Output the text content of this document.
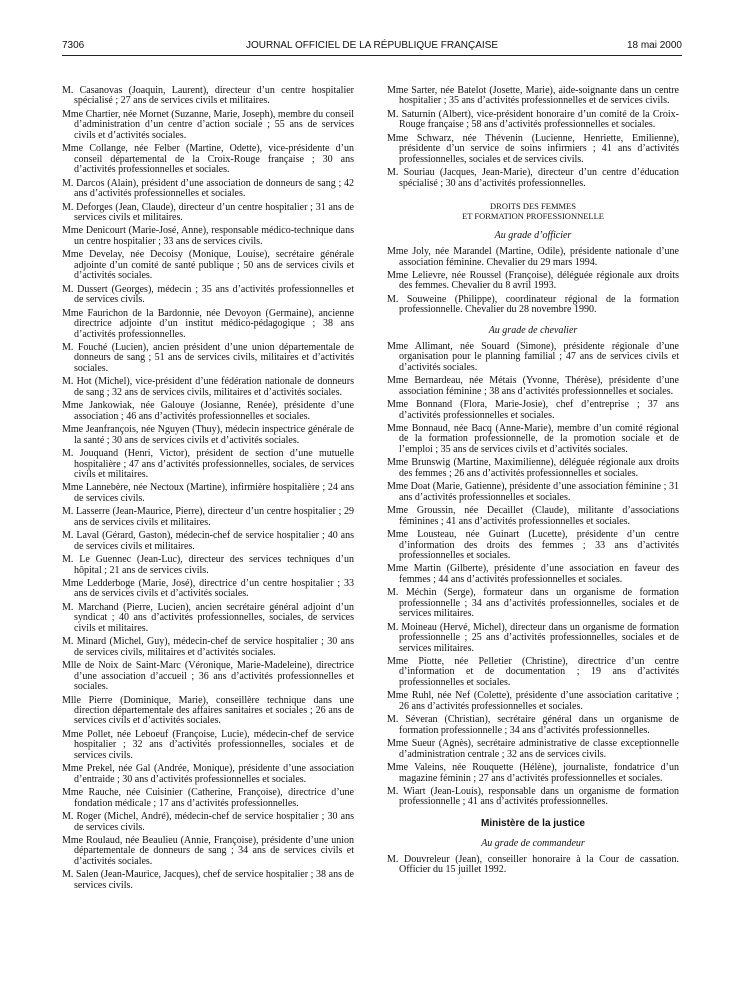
7306	JOURNAL OFFICIEL DE LA RÉPUBLIQUE FRANÇAISE	18 mai 2000

M. Casanovas (Joaquin, Laurent), directeur d’un centre hospitalier spécialisé ; 27 ans de services civils et militaires.

Mme Chartier, née Mornet (Suzanne, Marie, Joseph), membre du conseil d’administration d’un centre d’action sociale ; 55 ans de services civils et d’activités sociales.

Mme Collange, née Felber (Martine, Odette), vice-présidente d’un conseil départemental de la Croix-Rouge française ; 30 ans d’activités professionnelles et sociales.

M. Darcos (Alain), président d’une association de donneurs de sang ; 42 ans d’activités professionnelles et sociales.

M. Deforges (Jean, Claude), directeur d’un centre hospitalier ; 31 ans de services civils et militaires.

Mme Denicourt (Marie-José, Anne), responsable médico-technique dans un centre hospitalier ; 33 ans de services civils.

Mme Develay, née Decoisy (Monique, Louise), secrétaire générale adjointe d’un comité de santé publique ; 50 ans de services civils et d’activités sociales.

M. Dussert (Georges), médecin ; 35 ans d’activités professionnelles et de services civils.

Mme Faurichon de la Bardonnie, née Devoyon (Germaine), ancienne directrice adjointe d’un institut médico-pédagogique ; 38 ans d’activités professionnelles.

M. Fouché (Lucien), ancien président d’une union départementale de donneurs de sang ; 51 ans de services civils, militaires et d’activités sociales.

M. Hot (Michel), vice-président d’une fédération nationale de donneurs de sang ; 32 ans de services civils, militaires et d’activités sociales.

Mme Jankowiak, née Galouye (Josianne, Renée), présidente d’une association ; 46 ans d’activités professionnelles et sociales.

Mme Jeanfrançois, née Nguyen (Thuy), médecin inspectrice générale de la santé ; 30 ans de services civils et d’activités sociales.

M. Jouquand (Henri, Victor), président de section d’une mutuelle hospitalière ; 47 ans d’activités professionnelles, sociales, de services civils et militaires.

Mme Lannebère, née Nectoux (Martine), infirmière hospitalière ; 24 ans de services civils.

M. Lasserre (Jean-Maurice, Pierre), directeur d’un centre hospitalier ; 29 ans de services civils et militaires.

M. Laval (Gérard, Gaston), médecin-chef de service hospitalier ; 40 ans de services civils et militaires.

M. Le Guennec (Jean-Luc), directeur des services techniques d’un hôpital ; 21 ans de services civils.

Mme Ledderboge (Marie, José), directrice d’un centre hospitalier ; 33 ans de services civils et d’activités sociales.

M. Marchand (Pierre, Lucien), ancien secrétaire général adjoint d’un syndicat ; 40 ans d’activités professionnelles, sociales, de services civils et militaires.

M. Minard (Michel, Guy), médecin-chef de service hospitalier ; 30 ans de services civils, militaires et d’activités sociales.

Mlle de Noix de Saint-Marc (Véronique, Marie-Madeleine), directrice d’une association d’accueil ; 36 ans d’activités professionnelles et sociales.

Mlle Pierre (Dominique, Marie), conseillère technique dans une direction départementale des affaires sanitaires et sociales ; 26 ans de services civils et d’activités sociales.

Mme Pollet, née Leboeuf (Françoise, Lucie), médecin-chef de service hospitalier ; 32 ans d’activités professionnelles, sociales et de services civils.

Mme Prekel, née Gal (Andrée, Monique), présidente d’une association d’entraide ; 30 ans d’activités professionnelles et sociales.

Mme Rauche, née Cuisinier (Catherine, Françoise), directrice d’une fondation médicale ; 17 ans d’activités professionnelles.

M. Roger (Michel, André), médecin-chef de service hospitalier ; 30 ans de services civils.

Mme Roulaud, née Beaulieu (Annie, Françoise), présidente d’une union départementale de donneurs de sang ; 34 ans de services civils et d’activités sociales.

M. Salen (Jean-Maurice, Jacques), chef de service hospitalier ; 38 ans de services civils.

Mme Sarter, née Batelot (Josette, Marie), aide-soignante dans un centre hospitalier ; 35 ans d’activités professionnelles et de services civils.

M. Saturnin (Albert), vice-président honoraire d’un comité de la Croix-Rouge française ; 58 ans d’activités professionnelles et sociales.

Mme Schwarz, née Thévenin (Lucienne, Henriette, Emilienne), présidente d’un service de soins infirmiers ; 41 ans d’activités professionnelles, sociales et de services civils.

M. Souriau (Jacques, Jean-Marie), directeur d’un centre d’éducation spécialisé ; 30 ans d’activités professionnelles.

DROITS DES FEMMES
ET FORMATION PROFESSIONNELLE
Au grade d’officier

Mme Joly, née Marandel (Martine, Odile), présidente nationale d’une association féminine. Chevalier du 29 mars 1994.

Mme Lelievre, née Roussel (Françoise), déléguée régionale aux droits des femmes. Chevalier du 8 avril 1993.

M. Souweine (Philippe), coordinateur régional de la formation professionnelle. Chevalier du 28 novembre 1990.

Au grade de chevalier

Mme Allimant, née Souard (Simone), présidente régionale d’une organisation pour le planning familial ; 47 ans de services civils et d’activités sociales.

Mme Bernardeau, née Métais (Yvonne, Thérèse), présidente d’une association féminine ; 38 ans d’activités professionnelles et sociales.

Mme Bonnand (Flora, Marie-Josie), chef d’entreprise ; 37 ans d’activités professionnelles et sociales.

Mme Bonnaud, née Bacq (Anne-Marie), membre d’un comité régional de la formation professionnelle, de la promotion sociale et de l’emploi ; 35 ans de services civils et d’activités sociales.

Mme Brunswig (Martine, Maximilienne), déléguée régionale aux droits des femmes ; 26 ans d’activités professionnelles et sociales.

Mme Doat (Marie, Gatienne), présidente d’une association féminine ; 31 ans d’activités professionnelles et sociales.

Mme Groussin, née Decaillet (Claude), militante d’associations féminines ; 41 ans d’activités professionnelles et sociales.

Mme Lousteau, née Guinart (Lucette), présidente d’un centre d’information des droits des femmes ; 33 ans d’activités professionnelles et sociales.

Mme Martin (Gilberte), présidente d’une association en faveur des femmes ; 44 ans d’activités professionnelles et sociales.

M. Méchin (Serge), formateur dans un organisme de formation professionnelle ; 34 ans d’activités professionnelles, sociales et de services militaires.

M. Moineau (Hervé, Michel), directeur dans un organisme de formation professionnelle ; 25 ans d’activités professionnelles, sociales et de services militaires.

Mme Piotte, née Pelletier (Christine), directrice d’un centre d’information et de documentation ; 19 ans d’activités professionnelles et sociales.

Mme Ruhl, née Nef (Colette), présidente d’une association caritative ; 26 ans d’activités professionnelles et sociales.

M. Séveran (Christian), secrétaire général dans un organisme de formation professionnelle ; 34 ans d’activités professionnelles.

Mme Sueur (Agnès), secrétaire administrative de classe exceptionnelle d’administration centrale ; 32 ans de services civils.

Mme Valeins, née Rouquette (Hélène), journaliste, fondatrice d’un magazine féminin ; 27 ans d’activités professionnelles et sociales.

M. Wiart (Jean-Louis), responsable dans un organisme de formation professionnelle ; 41 ans d’activités professionnelles.

Ministère de la justice
Au grade de commandeur

M. Douvreleur (Jean), conseiller honoraire à la Cour de cassation. Officier du 15 juillet 1992.
